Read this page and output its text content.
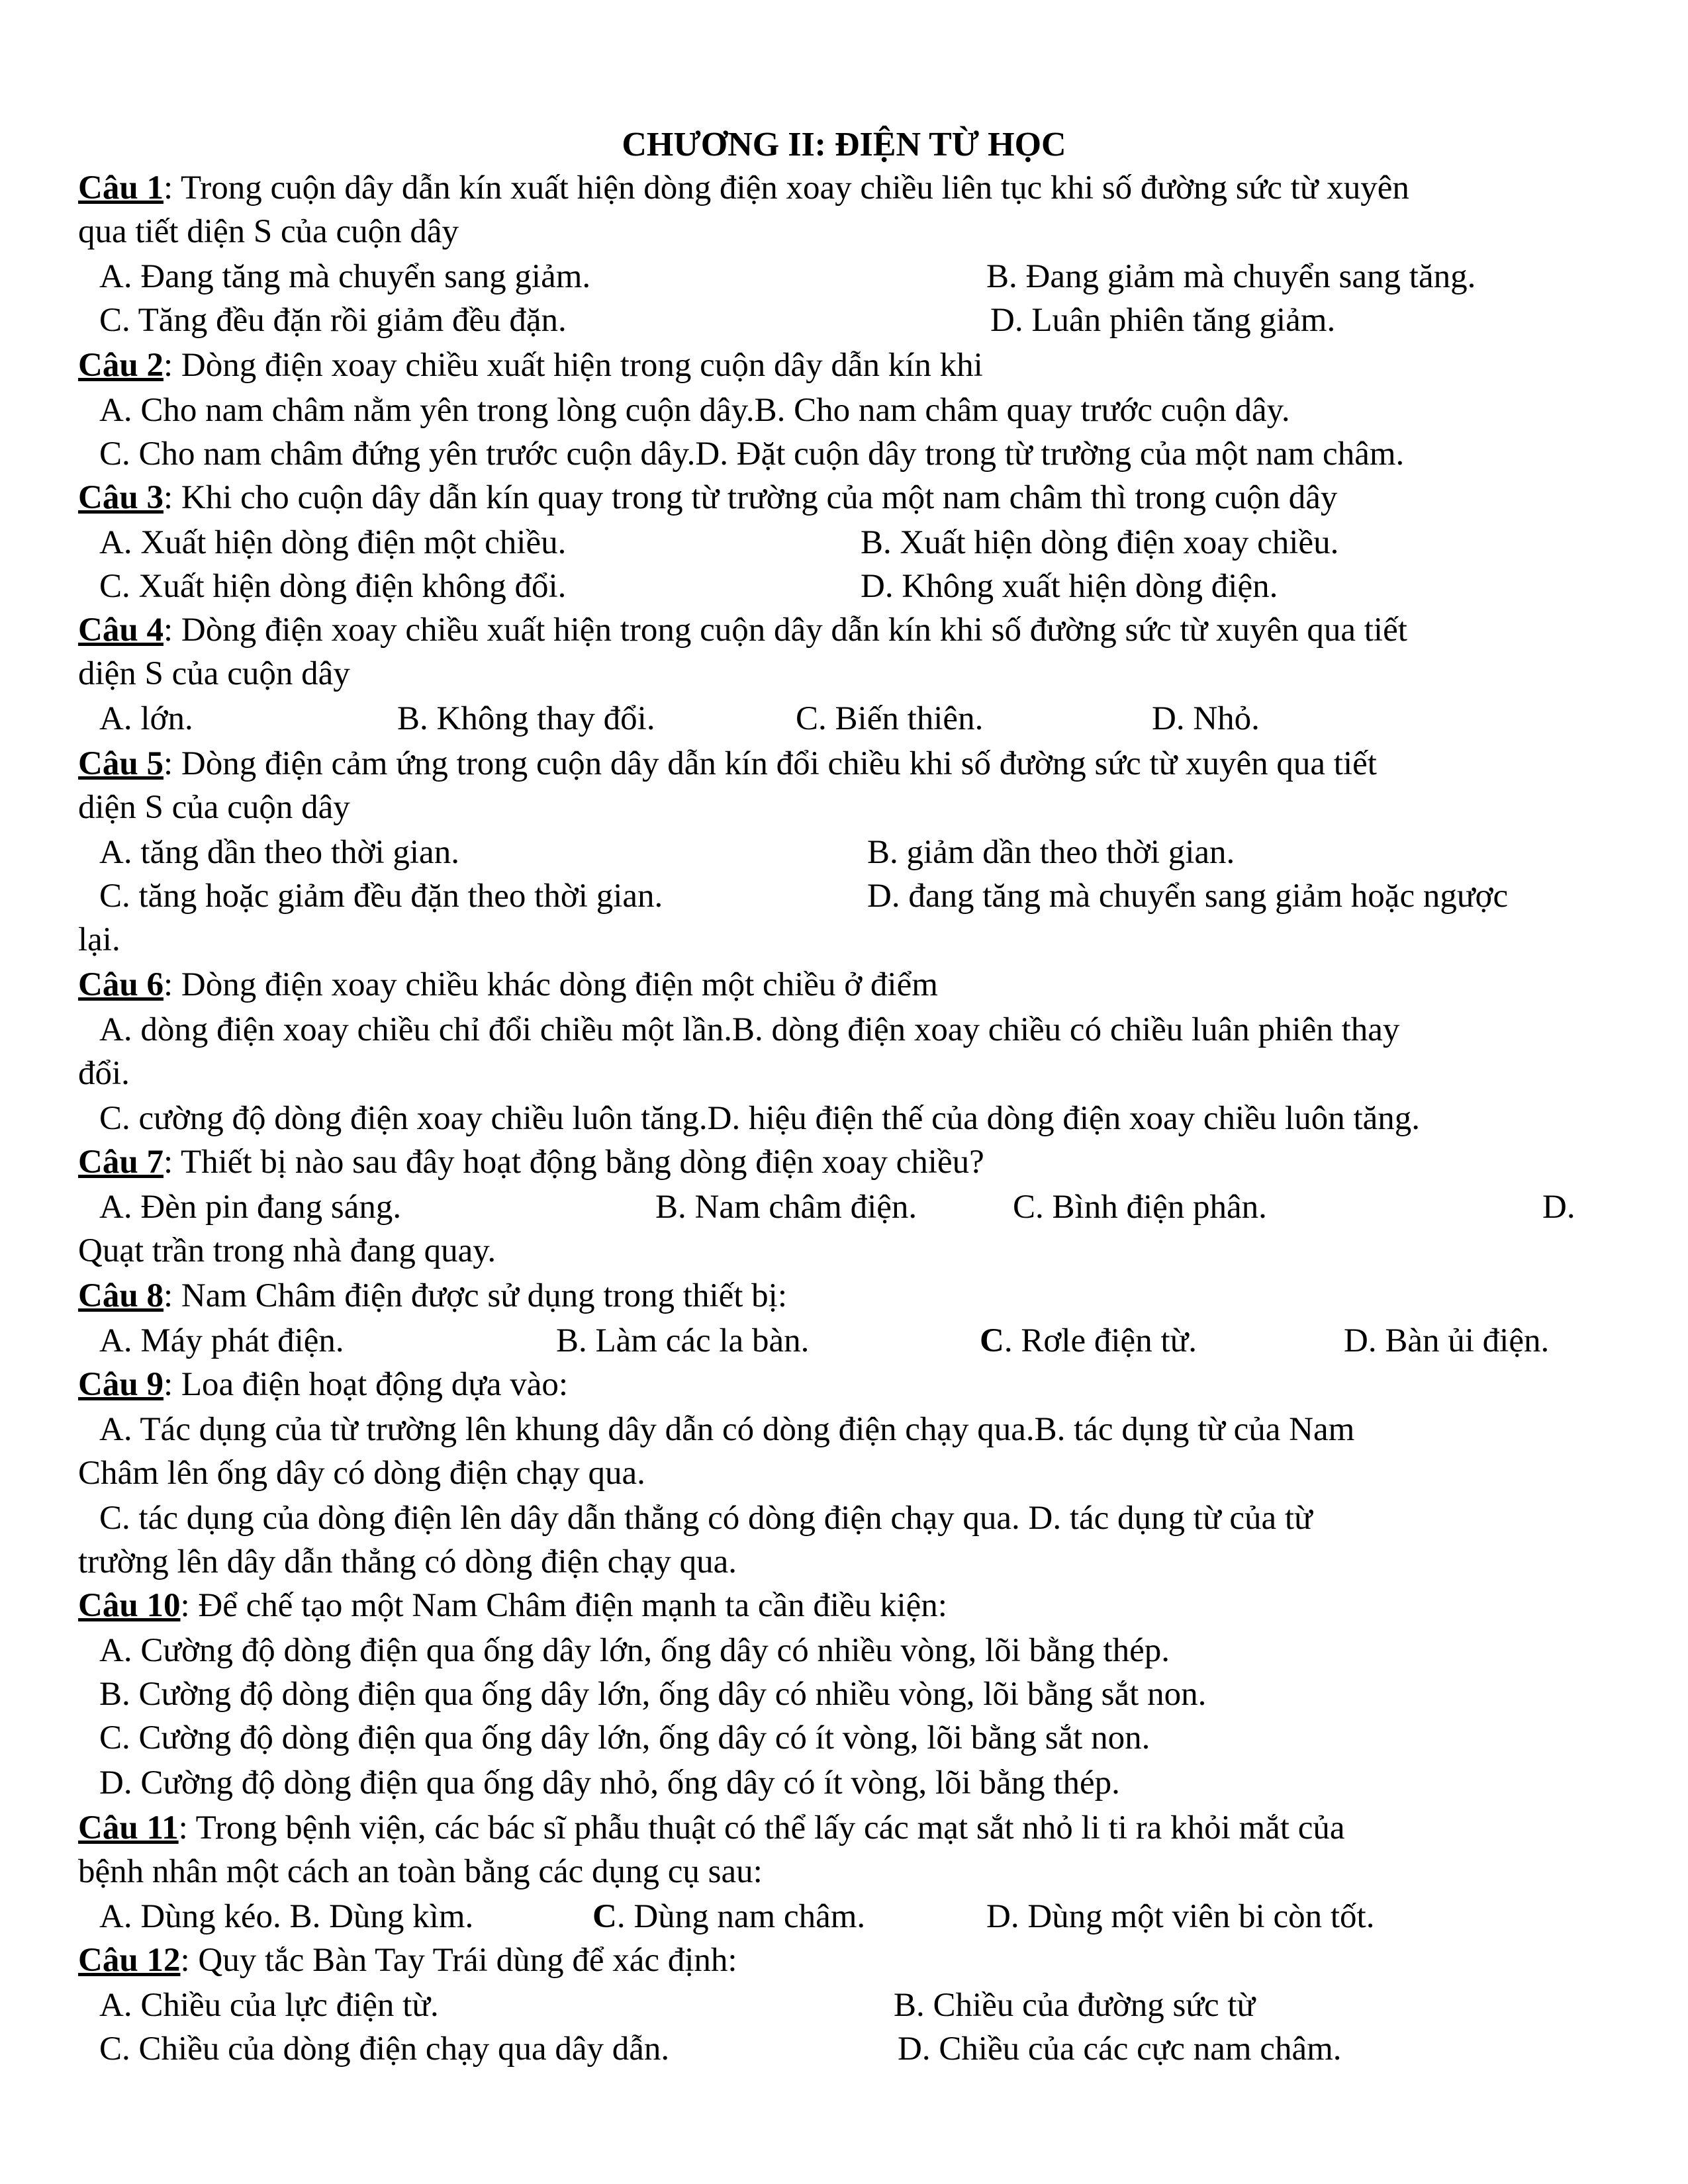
CHƯƠNG II: ĐIỆN TỪ HỌC
Câu 1: Trong cuộn dây dẫn kín xuất hiện dòng điện xoay chiều liên tục khi số đường sức từ xuyên
qua tiết diện S của cuộn dây
A. Đang tăng mà chuyển sang giảm.	B. Đang giảm mà chuyển sang tăng.
C. Tăng đều đặn rồi giảm đều đặn.	D. Luân phiên tăng giảm.
Câu 2: Dòng điện xoay chiều xuất hiện trong cuộn dây dẫn kín khi
A. Cho nam châm nằm yên trong lòng cuộn dây.B. Cho nam châm quay trước cuộn dây.
C. Cho nam châm đứng yên trước cuộn dây.D. Đặt cuộn dây trong từ trường của một nam châm.
Câu 3: Khi cho cuộn dây dẫn kín quay trong từ trường của một nam châm thì trong cuộn dây
A. Xuất hiện dòng điện một chiều.	B. Xuất hiện dòng điện xoay chiều.
C. Xuất hiện dòng điện không đổi.	D. Không xuất hiện dòng điện.
Câu 4: Dòng điện xoay chiều xuất hiện trong cuộn dây dẫn kín khi số đường sức từ xuyên qua tiết
diện S của cuộn dây
A. lớn.	B. Không thay đổi.	C. Biến thiên.	D. Nhỏ.
Câu 5: Dòng điện cảm ứng trong cuộn dây dẫn kín đổi chiều khi số đường sức từ xuyên qua tiết
diện S của cuộn dây
A. tăng dần theo thời gian.	B. giảm dần theo thời gian.
C. tăng hoặc giảm đều đặn theo thời gian.	D. đang tăng mà chuyển sang giảm hoặc ngược
lại.
Câu 6: Dòng điện xoay chiều khác dòng điện một chiều ở điểm
A. dòng điện xoay chiều chỉ đổi chiều một lần.B. dòng điện xoay chiều có chiều luân phiên thay
đổi.
C. cường độ dòng điện xoay chiều luôn tăng.D. hiệu điện thế của dòng điện xoay chiều luôn tăng.
Câu 7: Thiết bị nào sau đây hoạt động bằng dòng điện xoay chiều?
A. Đèn pin đang sáng.	B. Nam châm điện.	C. Bình điện phân.	D.
Quạt trần trong nhà đang quay.
Câu 8: Nam Châm điện được sử dụng trong thiết bị:
A. Máy phát điện.	B. Làm các la bàn.	C. Rơle điện từ.	D. Bàn ủi điện.
Câu 9: Loa điện hoạt động dựa vào:
A. Tác dụng của từ trường lên khung dây dẫn có dòng điện chạy qua.B. tác dụng từ của Nam
Châm lên ống dây có dòng điện chạy qua.
C. tác dụng của dòng điện lên dây dẫn thẳng có dòng điện chạy qua. D. tác dụng từ của từ
trường lên dây dẫn thẳng có dòng điện chạy qua.
Câu 10: Để chế tạo một Nam Châm điện mạnh ta cần điều kiện:
A. Cường độ dòng điện qua ống dây lớn, ống dây có nhiều vòng, lõi bằng thép.
B. Cường độ dòng điện qua ống dây lớn, ống dây có nhiều vòng, lõi bằng sắt non.
C. Cường độ dòng điện qua ống dây lớn, ống dây có ít vòng, lõi bằng sắt non.
D. Cường độ dòng điện qua ống dây nhỏ, ống dây có ít vòng, lõi bằng thép.
Câu 11: Trong bệnh viện, các bác sĩ phẫu thuật có thể lấy các mạt sắt nhỏ li ti ra khỏi mắt của
bệnh nhân một cách an toàn bằng các dụng cụ sau:
A. Dùng kéo. B. Dùng kìm.	C. Dùng nam châm.	D. Dùng một viên bi còn tốt.
Câu 12: Quy tắc Bàn Tay Trái dùng để xác định:
A. Chiều của lực điện từ.	B. Chiều của đường sức từ
C. Chiều của dòng điện chạy qua dây dẫn.	D. Chiều của các cực nam châm.
